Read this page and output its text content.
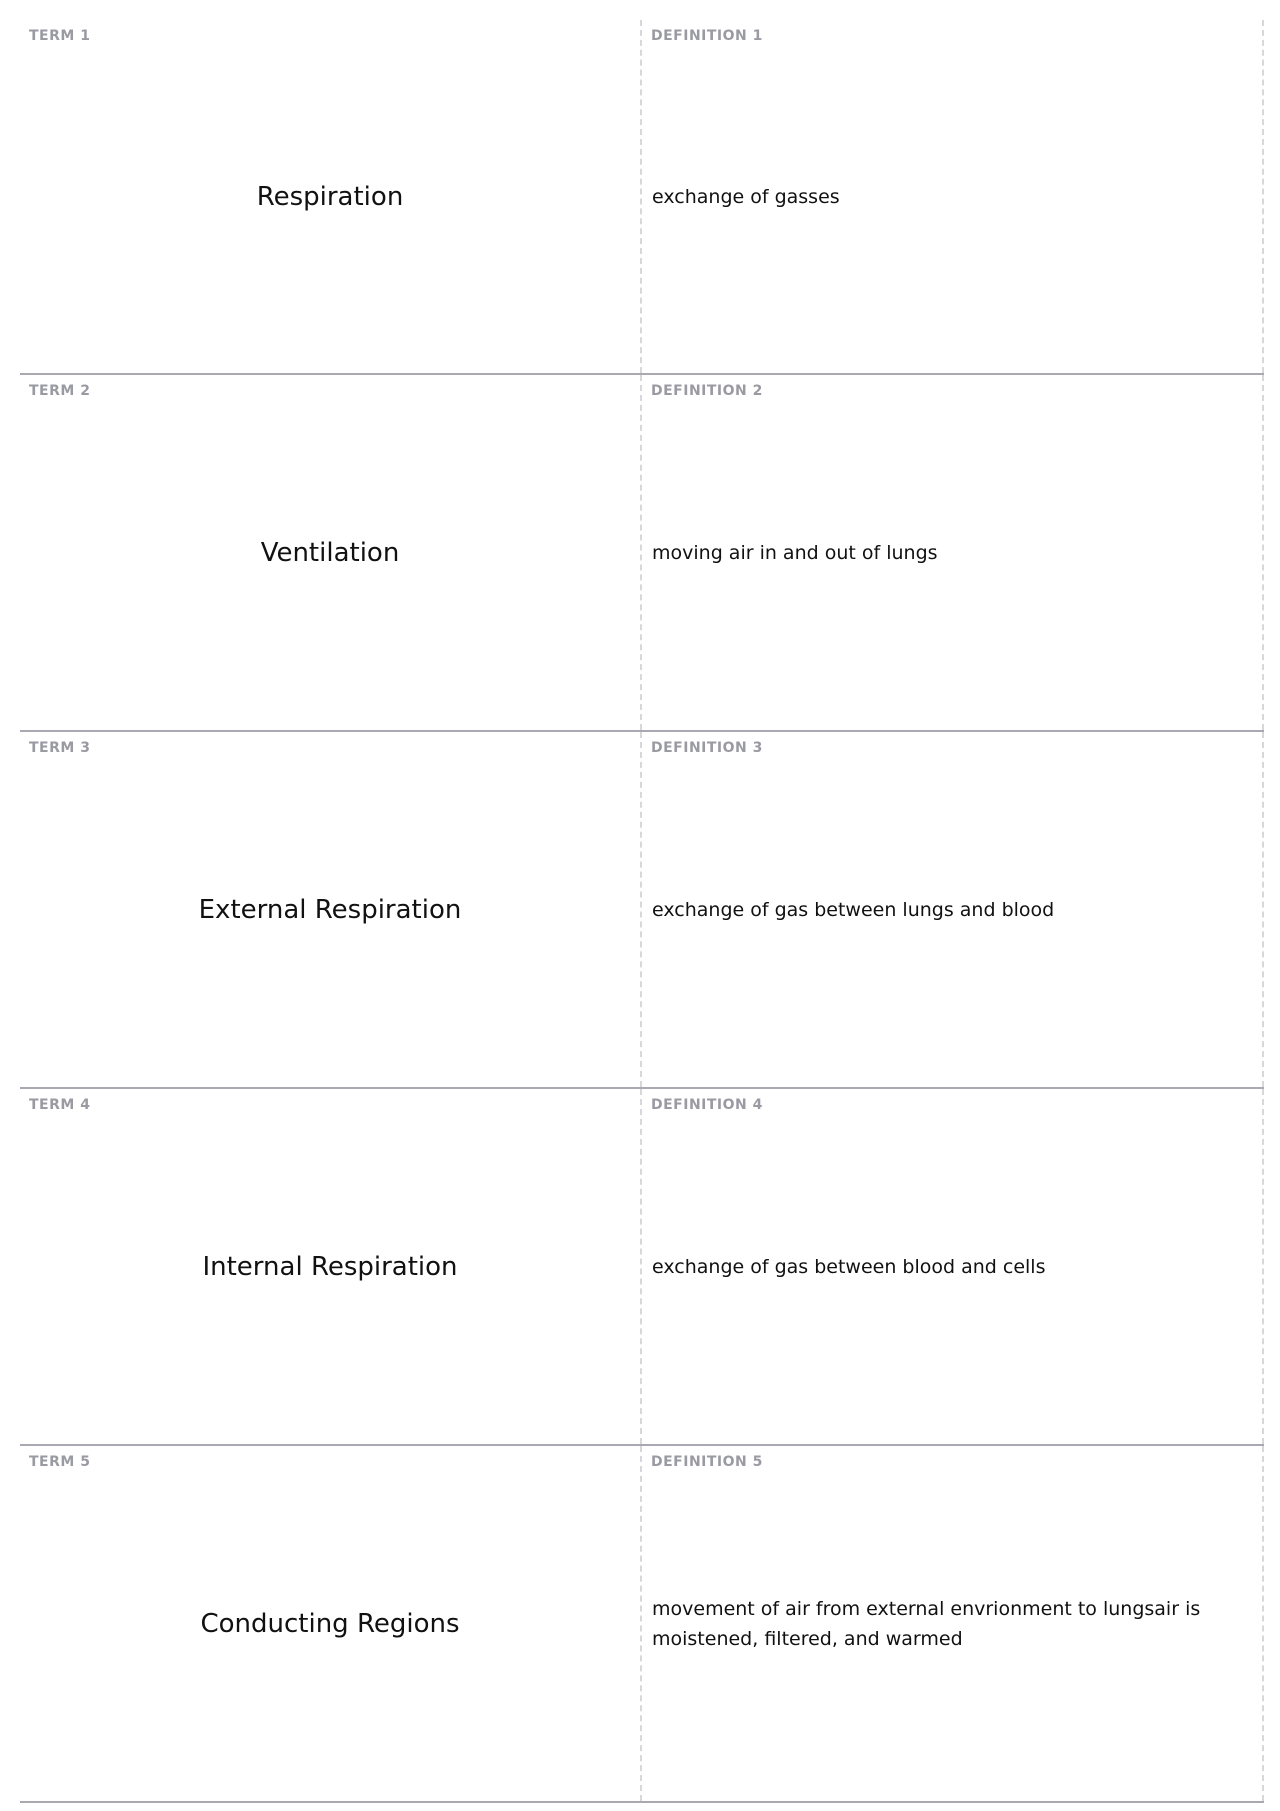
TERM 1
Respiration
DEFINITION 1
exchange of gasses
TERM 2
Ventilation
DEFINITION 2
moving air in and out of lungs
TERM 3
External Respiration
DEFINITION 3
exchange of gas between lungs and blood
TERM 4
Internal Respiration
DEFINITION 4
exchange of gas between blood and cells
TERM 5
Conducting Regions
DEFINITION 5
movement of air from external envrionment to lungsair is moistened, filtered, and warmed
